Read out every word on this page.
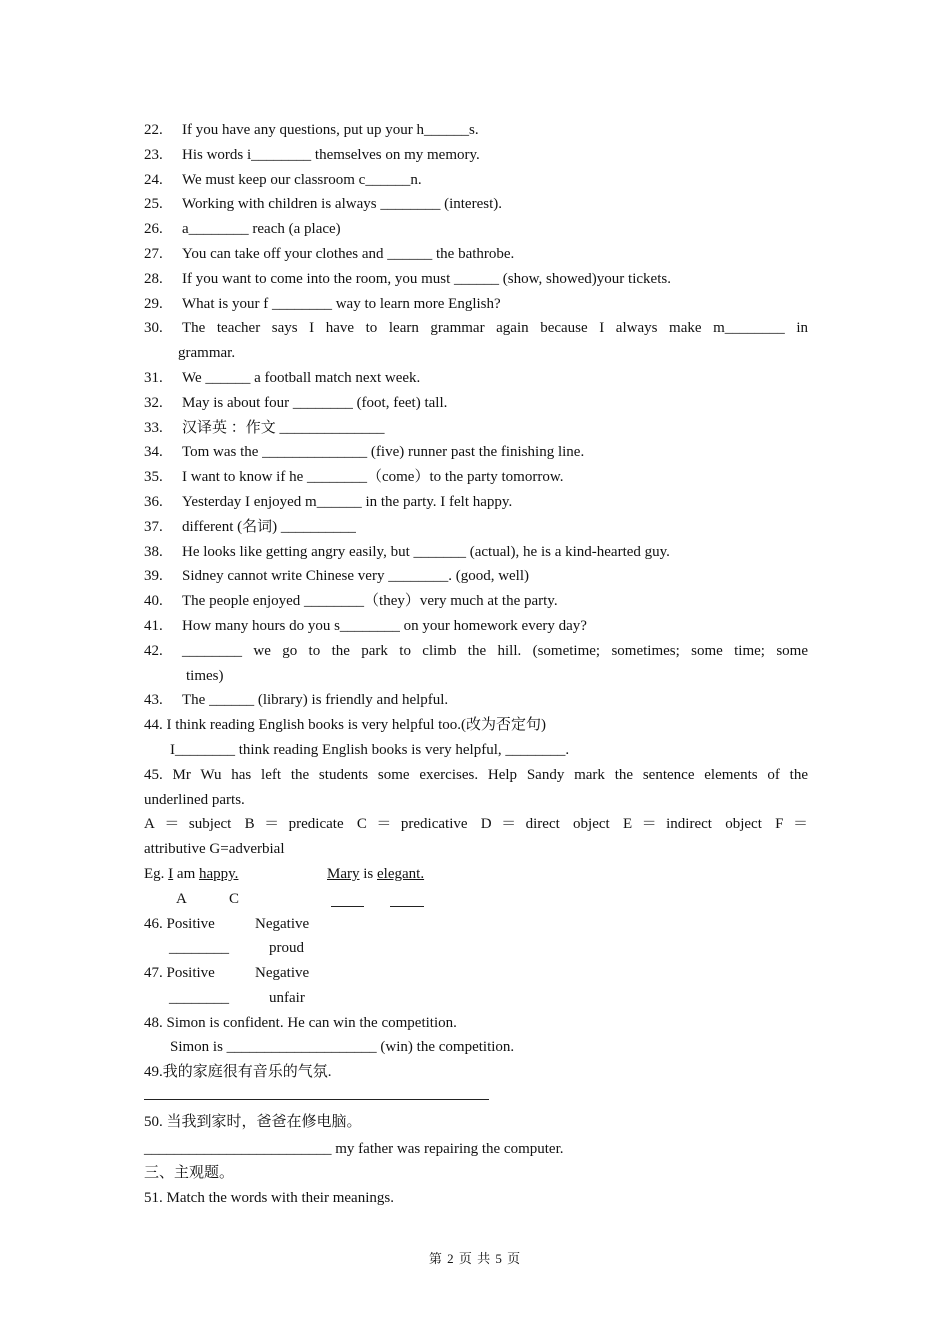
22.	If you have any questions, put up your h______s.
23.	His words i________ themselves on my memory.
24.	We must keep our classroom c______n.
25.	Working with children is always ________ (interest).
26.	a________ reach (a place)
27.	You can take off your clothes and ______ the bathrobe.
28.	If you want to come into the room, you must ______ (show, showed)your tickets.
29.	What is your f ________ way to learn more English?
30.	The teacher says I have to learn grammar again because I always make m________ in
grammar.
31.	We ______ a football match next week.
32.	May is about four ________ (foot, feet) tall.
33.	汉译英 ：作文 ______________
34.	Tom was the ______________ (five) runner past the finishing line.
35.	I want to know if he ________（come）to the party tomorrow.
36.	Yesterday I enjoyed m______ in the party. I felt happy.
37.	different (名词) __________
38.	He looks like getting angry easily, but _______ (actual), he is a kind-hearted guy.
39.	Sidney cannot write Chinese very ________. (good, well)
40.	The people enjoyed ________（they）very much at the party.
41.	How many hours do you s________ on your homework every day?
42.	________ we go to the park to climb the hill. (sometime; sometimes; some time; some
times)
43.	The ______ (library) is friendly and helpful.
44. I think reading English books is very helpful too.(改为否定句)
I________ think reading English books is very helpful, ________.
45. Mr Wu has left the students some exercises. Help Sandy mark the sentence elements of the
underlined parts.
A＝subject B＝predicate C＝predicative D＝direct object E＝indirect object F＝
attributive G=adverbial
Eg. I am happy.	Mary is elegant.
A	C
46. Positive	Negative
________	proud
47. Positive	Negative
________	unfair
48. Simon is confident. He can win the competition.
Simon is ____________________ (win) the competition.
49.我的家庭很有音乐的气氛.
50. 当我到家时，爸爸在修电脑。
_________________________ my father was repairing the computer.
三、主观题。
51. Match the words with their meanings.
第 2 页 共 5 页
